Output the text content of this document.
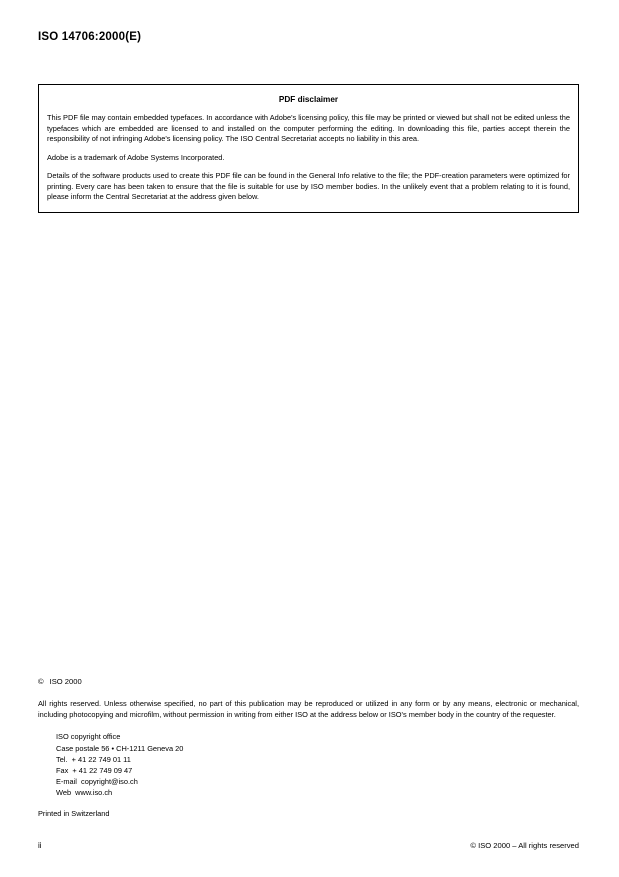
ISO 14706:2000(E)
PDF disclaimer

This PDF file may contain embedded typefaces. In accordance with Adobe's licensing policy, this file may be printed or viewed but shall not be edited unless the typefaces which are embedded are licensed to and installed on the computer performing the editing. In downloading this file, parties accept therein the responsibility of not infringing Adobe's licensing policy. The ISO Central Secretariat accepts no liability in this area.

Adobe is a trademark of Adobe Systems Incorporated.

Details of the software products used to create this PDF file can be found in the General Info relative to the file; the PDF-creation parameters were optimized for printing. Every care has been taken to ensure that the file is suitable for use by ISO member bodies. In the unlikely event that a problem relating to it is found, please inform the Central Secretariat at the address given below.

© ISO 2000

All rights reserved. Unless otherwise specified, no part of this publication may be reproduced or utilized in any form or by any means, electronic or mechanical, including photocopying and microfilm, without permission in writing from either ISO at the address below or ISO's member body in the country of the requester.

ISO copyright office
Case postale 56 • CH-1211 Geneva 20
Tel.  + 41 22 749 01 11
Fax  + 41 22 749 09 47
E-mail  copyright@iso.ch
Web  www.iso.ch
Printed in Switzerland
ii	© ISO 2000 – All rights reserved
